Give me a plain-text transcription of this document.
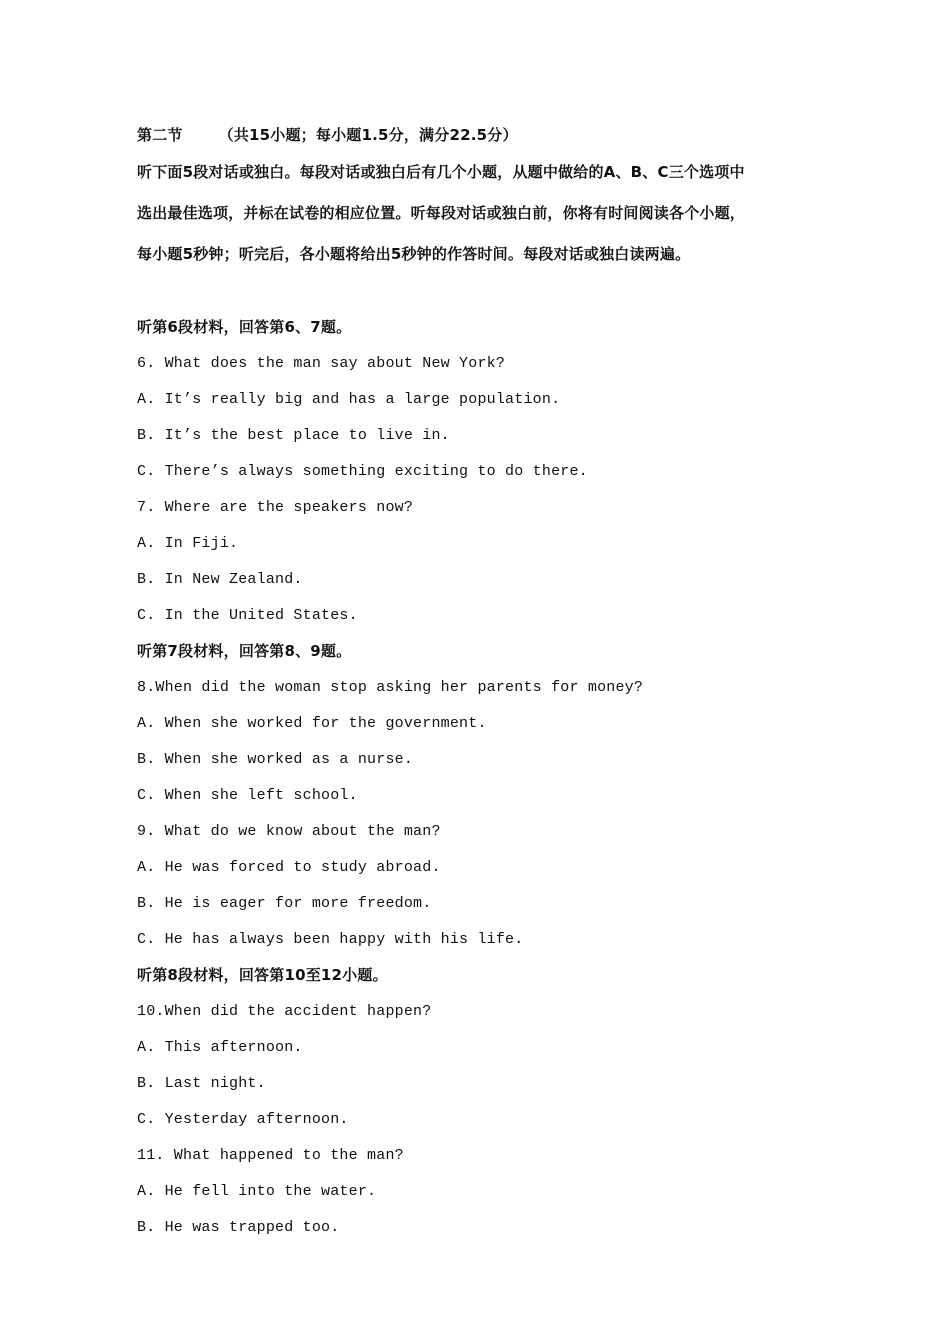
第二节 （共15小题；每小题1.5分，满分22.5分）
听下面5段对话或独白。每段对话或独白后有几个小题，从题中做给的A、B、C三个选项中
选出最佳选项，并标在试卷的相应位置。听每段对话或独白前，你将有时间阅读各个小题，
每小题5秒钟；听完后，各小题将给出5秒钟的作答时间。每段对话或独白读两遍。
听第6段材料，回答第6、7题。
6. What does the man say about New York?
A. It’s really big and has a large population.
B. It’s the best place to live in.
C. There’s always something exciting to do there.
7. Where are the speakers now?
A. In Fiji.
B. In New Zealand.
C. In the United States.
听第7段材料，回答第8、9题。
8.When did the woman stop asking her parents for money?
A. When she worked for the government.
B. When she worked as a nurse.
C. When she left school.
9. What do we know about the man?
A. He was forced to study abroad.
B. He is eager for more freedom.
C. He has always been happy with his life.
听第8段材料，回答第10至12小题。
10.When did the accident happen?
A. This afternoon.
B. Last night.
C. Yesterday afternoon.
11. What happened to the man?
A. He fell into the water.
B. He was trapped too.
